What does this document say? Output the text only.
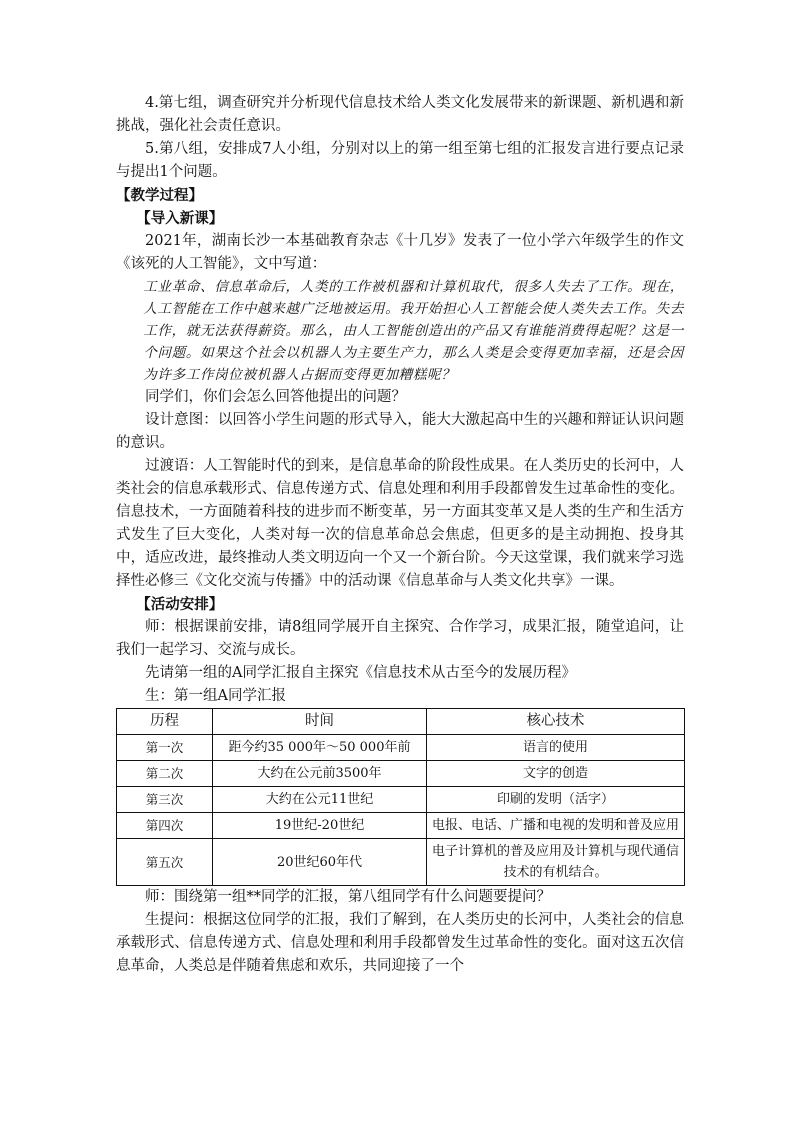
4.第七组，调查研究并分析现代信息技术给人类文化发展带来的新课题、新机遇和新挑战，强化社会责任意识。

5.第八组，安排成7人小组，分别对以上的第一组至第七组的汇报发言进行要点记录与提出1个问题。

【教学过程】
【导入新课】

2021年，湖南长沙一本基础教育杂志《十几岁》发表了一位小学六年级学生的作文《该死的人工智能》，文中写道：

工业革命、信息革命后，人类的工作被机器和计算机取代，很多人失去了工作。现在，人工智能在工作中越来越广泛地被运用。我开始担心人工智能会使人类失去工作。失去工作，就无法获得薪资。那么，由人工智能创造出的产品又有谁能消费得起呢？这是一个问题。如果这个社会以机器人为主要生产力，那么人类是会变得更加幸福，还是会因为许多工作岗位被机器人占据而变得更加糟糕呢？

同学们，你们会怎么回答他提出的问题？

设计意图：以回答小学生问题的形式导入，能大大激起高中生的兴趣和辩证认识问题的意识。

过渡语：人工智能时代的到来，是信息革命的阶段性成果。在人类历史的长河中，人类社会的信息承载形式、信息传递方式、信息处理和利用手段都曾发生过革命性的变化。信息技术，一方面随着科技的进步而不断变革，另一方面其变革又是人类的生产和生活方式发生了巨大变化，人类对每一次的信息革命总会焦虑，但更多的是主动拥抱、投身其中，适应改进，最终推动人类文明迈向一个又一个新台阶。今天这堂课，我们就来学习选择性必修三《文化交流与传播》中的活动课《信息革命与人类文化共享》一课。

【活动安排】

师：根据课前安排，请8组同学展开自主探究、合作学习，成果汇报，随堂追问，让我们一起学习、交流与成长。

先请第一组的A同学汇报自主探究《信息技术从古至今的发展历程》

生：第一组A同学汇报

历程	时间	核心技术
第一次	距今约35 000年～50 000年前	语言的使用
第二次	大约在公元前3500年	文字的创造
第三次	大约在公元11世纪	印刷的发明（活字）
第四次	19世纪-20世纪	电报、电话、广播和电视的发明和普及应用
第五次	20世纪60年代	电子计算机的普及应用及计算机与现代通信技术的有机结合。

师：围绕第一组**同学的汇报，第八组同学有什么问题要提问？

生提问：根据这位同学的汇报，我们了解到，在人类历史的长河中，人类社会的信息承载形式、信息传递方式、信息处理和利用手段都曾发生过革命性的变化。面对这五次信息革命，人类总是伴随着焦虑和欢乐，共同迎接了一个
